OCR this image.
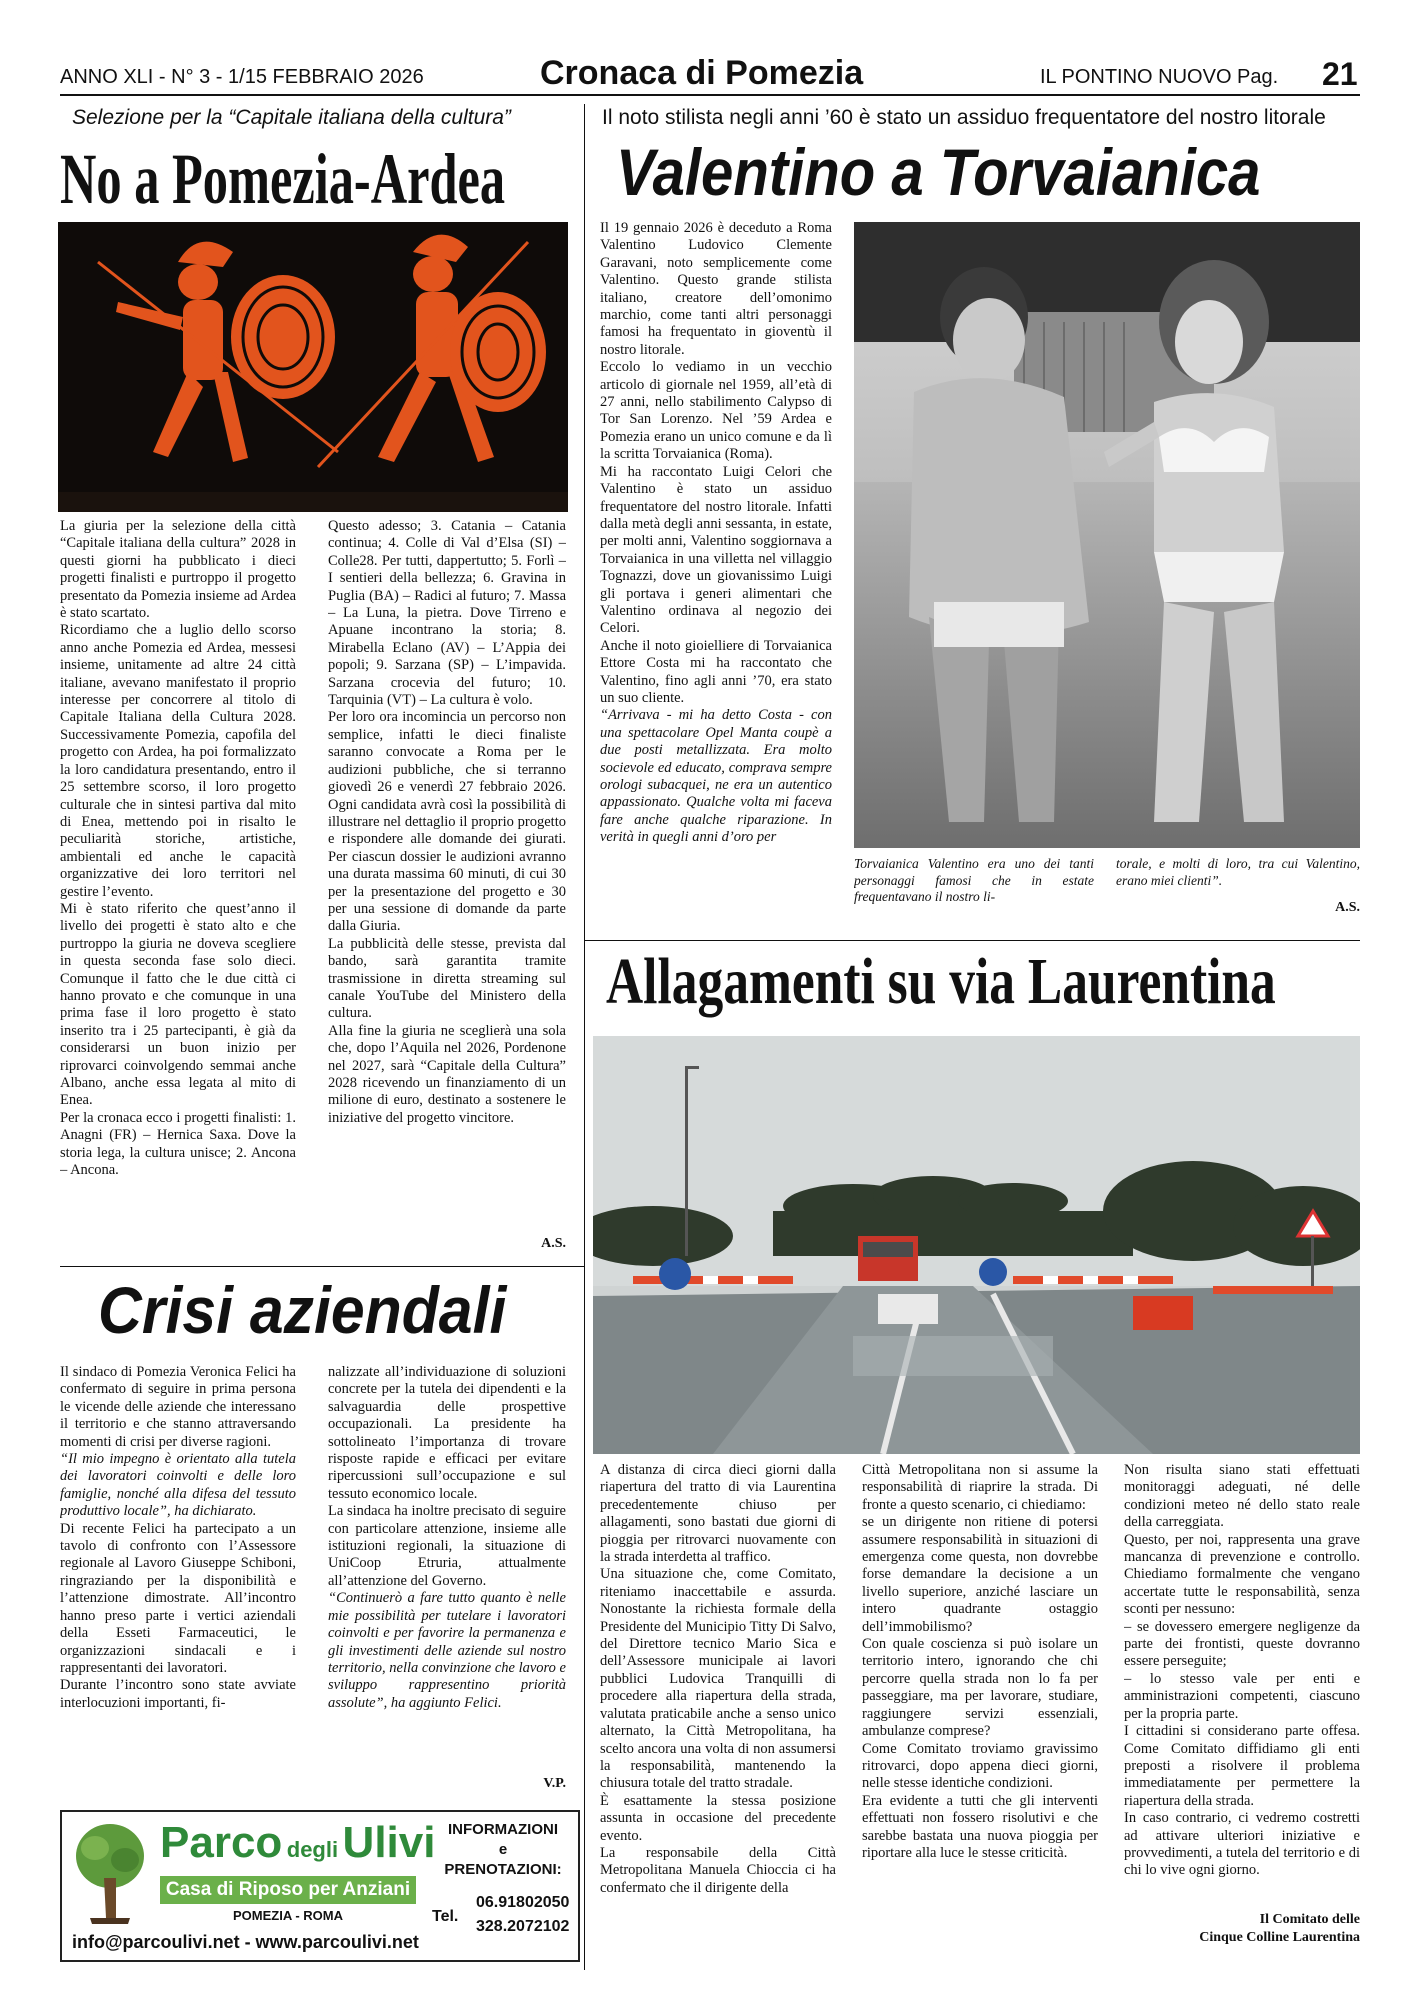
ANNO XLI - N° 3 - 1/15 FEBBRAIO 2026	Cronaca di Pomezia	IL PONTINO NUOVO Pag. 21
Selezione per la “Capitale italiana della cultura”
No a Pomezia-Ardea

La giuria per la selezione della città “Capitale italiana della cultura” 2028 in questi giorni ha pubblicato i dieci progetti finalisti e purtroppo il progetto presentato da Pomezia insieme ad Ardea è stato scartato.

Ricordiamo che a luglio dello scorso anno anche Pomezia ed Ardea, messesi insieme, unitamente ad altre 24 città italiane, avevano manifestato il proprio interesse per concorrere al titolo di Capitale Italiana della Cultura 2028. Successivamente Pomezia, capofila del progetto con Ardea, ha poi formalizzato la loro candidatura presentando, entro il 25 settembre scorso, il loro progetto culturale che in sintesi partiva dal mito di Enea, mettendo poi in risalto le peculiarità storiche, artistiche, ambientali ed anche le capacità organizzative dei loro territori nel gestire l’evento.

Mi è stato riferito che quest’anno il livello dei progetti è stato alto e che purtroppo la giuria ne doveva scegliere in questa seconda fase solo dieci. Comunque il fatto che le due città ci hanno provato e che comunque in una prima fase il loro progetto è stato inserito tra i 25 partecipanti, è già da considerarsi un buon inizio per riprovarci coinvolgendo semmai anche Albano, anche essa legata al mito di Enea.

Per la cronaca ecco i progetti finalisti: 1. Anagni (FR) – Hernica Saxa. Dove la storia lega, la cultura unisce; 2. Ancona – Ancona.

Questo adesso; 3. Catania – Catania continua; 4. Colle di Val d’Elsa (SI) – Colle28. Per tutti, dappertutto; 5. Forlì – I sentieri della bellezza; 6. Gravina in Puglia (BA) – Radici al futuro; 7. Massa – La Luna, la pietra. Dove Tirreno e Apuane incontrano la storia; 8. Mirabella Eclano (AV) – L’Appia dei popoli; 9. Sarzana (SP) – L’impavida. Sarzana crocevia del futuro; 10. Tarquinia (VT) – La cultura è volo.

Per loro ora incomincia un percorso non semplice, infatti le dieci finaliste saranno convocate a Roma per le audizioni pubbliche, che si terranno giovedì 26 e venerdì 27 febbraio 2026. Ogni candidata avrà così la possibilità di illustrare nel dettaglio il proprio progetto e rispondere alle domande dei giurati. Per ciascun dossier le audizioni avranno una durata massima 60 minuti, di cui 30 per la presentazione del progetto e 30 per una sessione di domande da parte dalla Giuria.

La pubblicità delle stesse, prevista dal bando, sarà garantita tramite trasmissione in diretta streaming sul canale YouTube del Ministero della cultura.

Alla fine la giuria ne sceglierà una sola che, dopo l’Aquila nel 2026, Pordenone nel 2027, sarà “Capitale della Cultura” 2028 ricevendo un finanziamento di un milione di euro, destinato a sostenere le iniziative del progetto vincitore.

A.S.
Il noto stilista negli anni ’60 è stato un assiduo frequentatore del nostro litorale
Valentino a Torvaianica

Il 19 gennaio 2026 è deceduto a Roma Valentino Ludovico Clemente Garavani, noto semplicemente come Valentino. Questo grande stilista italiano, creatore dell’omonimo marchio, come tanti altri personaggi famosi ha frequentato in gioventù il nostro litorale.

Eccolo lo vediamo in un vecchio articolo di giornale nel 1959, all’età di 27 anni, nello stabilimento Calypso di Tor San Lorenzo. Nel ’59 Ardea e Pomezia erano un unico comune e da lì la scritta Torvaianica (Roma).

Mi ha raccontato Luigi Celori che Valentino è stato un assiduo frequentatore del nostro litorale. Infatti dalla metà degli anni sessanta, in estate, per molti anni, Valentino soggiornava a Torvaianica in una villetta nel villaggio Tognazzi, dove un giovanissimo Luigi gli portava i generi alimentari che Valentino ordinava al negozio dei Celori.

Anche il noto gioielliere di Torvaianica Ettore Costa mi ha raccontato che Valentino, fino agli anni ’70, era stato un suo cliente.

“Arrivava - mi ha detto Costa - con una spettacolare Opel Manta coupè a due posti metallizzata. Era molto socievole ed educato, comprava sempre orologi subacquei, ne era un autentico appassionato. Qualche volta mi faceva fare anche qualche riparazione. In verità in quegli anni d’oro per

Torvaianica Valentino era uno dei tanti personaggi famosi che in estate frequentavano il nostro li-
torale, e molti di loro, tra cui Valentino, erano miei clienti”.
A.S.
Crisi aziendali

Il sindaco di Pomezia Veronica Felici ha confermato di seguire in prima persona le vicende delle aziende che interessano il territorio e che stanno attraversando momenti di crisi per diverse ragioni.

“Il mio impegno è orientato alla tutela dei lavoratori coinvolti e delle loro famiglie, nonché alla difesa del tessuto produttivo locale”, ha dichiarato.

Di recente Felici ha partecipato a un tavolo di confronto con l’Assessore regionale al Lavoro Giuseppe Schiboni, ringraziando per la disponibilità e l’attenzione dimostrate. All’incontro hanno preso parte i vertici aziendali della Esseti Farmaceutici, le organizzazioni sindacali e i rappresentanti dei lavoratori.

Durante l’incontro sono state avviate interlocuzioni importanti, fi-

nalizzate all’individuazione di soluzioni concrete per la tutela dei dipendenti e la salvaguardia delle prospettive occupazionali. La presidente ha sottolineato l’importanza di trovare risposte rapide e efficaci per evitare ripercussioni sull’occupazione e sul tessuto economico locale.

La sindaca ha inoltre precisato di seguire con particolare attenzione, insieme alle istituzioni regionali, la situazione di UniCoop Etruria, attualmente all’attenzione del Governo.

“Continuerò a fare tutto quanto è nelle mie possibilità per tutelare i lavoratori coinvolti e per favorire la permanenza e gli investimenti delle aziende sul nostro territorio, nella convinzione che lavoro e sviluppo rappresentino priorità assolute”, ha aggiunto Felici.

V.P.
Parco degli Ulivi
Casa di Riposo per Anziani
POMEZIA - ROMA
info@parcoulivi.net - www.parcoulivi.net
INFORMAZIONI
e
PRENOTAZIONI:
Tel.
06.91802050
328.2072102
Allagamenti su via Laurentina

A distanza di circa dieci giorni dalla riapertura del tratto di via Laurentina precedentemente chiuso per allagamenti, sono bastati due giorni di pioggia per ritrovarci nuovamente con la strada interdetta al traffico.

Una situazione che, come Comitato, riteniamo inaccettabile e assurda. Nonostante la richiesta formale della Presidente del Municipio Titty Di Salvo, del Direttore tecnico Mario Sica e dell’Assessore municipale ai lavori pubblici Ludovica Tranquilli di procedere alla riapertura della strada, valutata praticabile anche a senso unico alternato, la Città Metropolitana, ha scelto ancora una volta di non assumersi la responsabilità, mantenendo la chiusura totale del tratto stradale.

È esattamente la stessa posizione assunta in occasione del precedente evento.

La responsabile della Città Metropolitana Manuela Chioccia ci ha confermato che il dirigente della

Città Metropolitana non si assume la responsabilità di riaprire la strada. Di fronte a questo scenario, ci chiediamo:

se un dirigente non ritiene di potersi assumere responsabilità in situazioni di emergenza come questa, non dovrebbe forse demandare la decisione a un livello superiore, anziché lasciare un intero quadrante ostaggio dell’immobilismo?

Con quale coscienza si può isolare un territorio intero, ignorando che chi percorre quella strada non lo fa per passeggiare, ma per lavorare, studiare, raggiungere servizi essenziali, ambulanze comprese?

Come Comitato troviamo gravissimo ritrovarci, dopo appena dieci giorni, nelle stesse identiche condizioni.

Era evidente a tutti che gli interventi effettuati non fossero risolutivi e che sarebbe bastata una nuova pioggia per riportare alla luce le stesse criticità.

Non risulta siano stati effettuati monitoraggi adeguati, né delle condizioni meteo né dello stato reale della carreggiata.

Questo, per noi, rappresenta una grave mancanza di prevenzione e controllo. Chiediamo formalmente che vengano accertate tutte le responsabilità, senza sconti per nessuno:

– se dovessero emergere negligenze da parte dei frontisti, queste dovranno essere perseguite;

– lo stesso vale per enti e amministrazioni competenti, ciascuno per la propria parte.

I cittadini si considerano parte offesa. Come Comitato diffidiamo gli enti preposti a risolvere il problema immediatamente per permettere la riapertura della strada.

In caso contrario, ci vedremo costretti ad attivare ulteriori iniziative e provvedimenti, a tutela del territorio e di chi lo vive ogni giorno.

Il Comitato delle
Cinque Colline Laurentina
